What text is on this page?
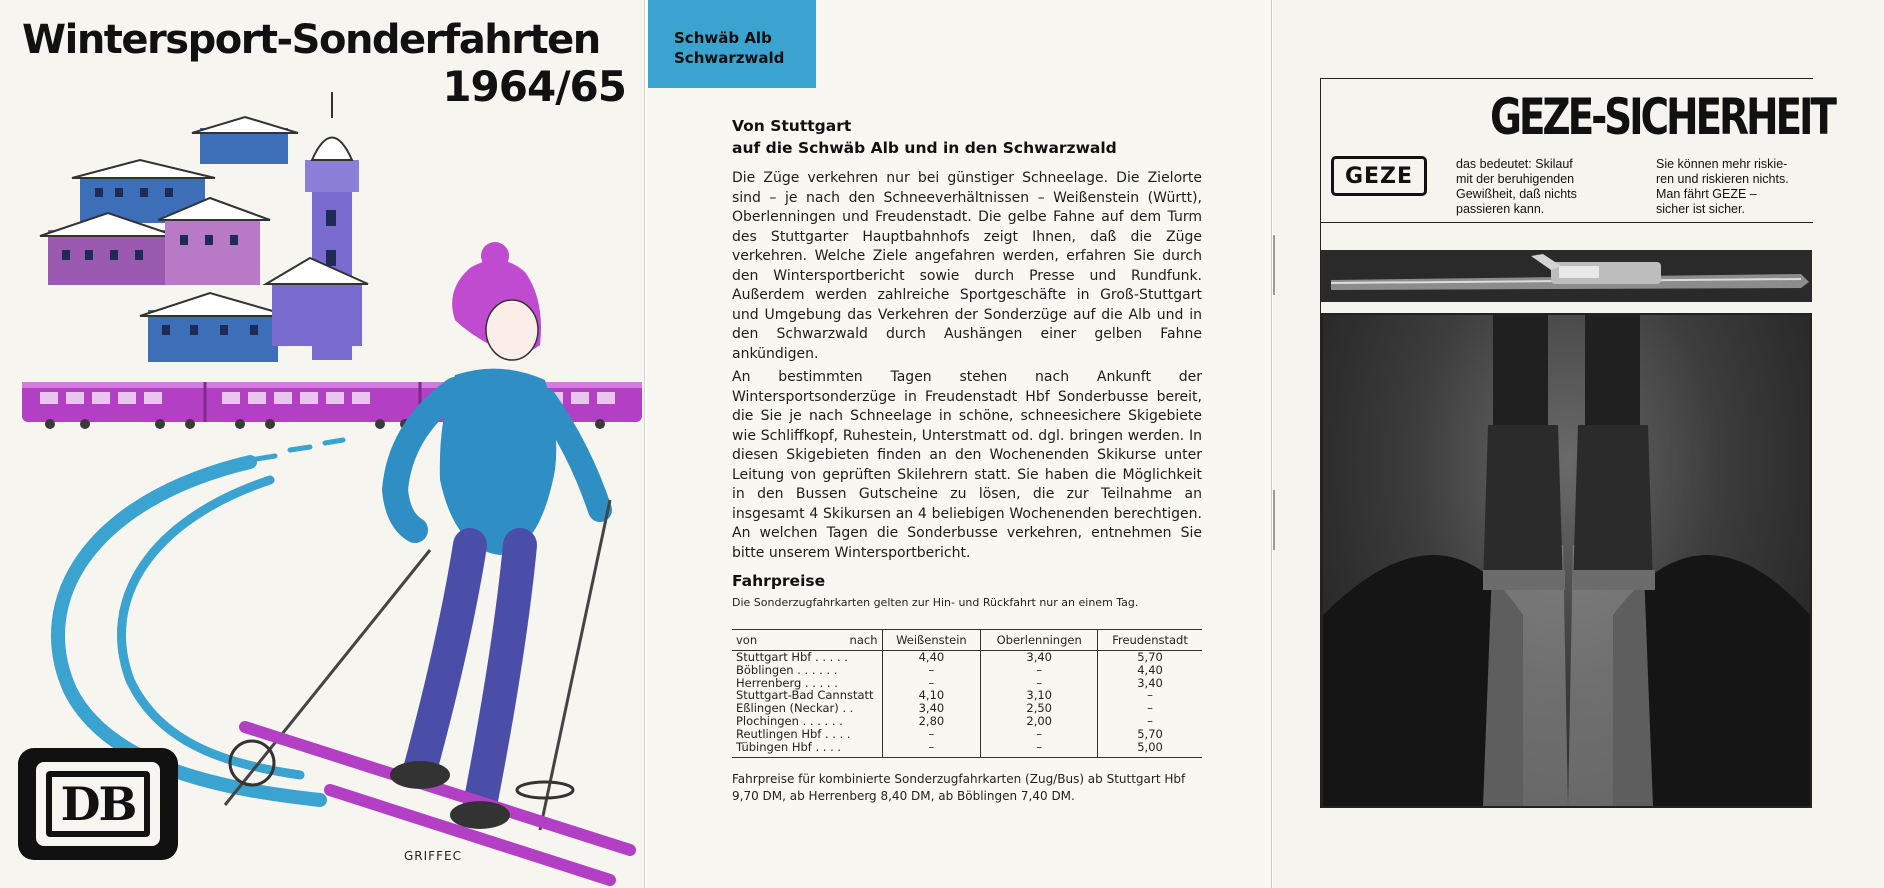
Wintersport-Sonderfahrten
1964/65
DB
GRIFFEC
Schwäb Alb
Schwarzwald
Von Stuttgart
auf die Schwäb Alb und in den Schwarzwald

Die Züge verkehren nur bei günstiger Schneelage. Die Zielorte sind – je nach den Schneeverhältnissen – Weißenstein (Württ), Oberlenningen und Freudenstadt. Die gelbe Fahne auf dem Turm des Stuttgarter Hauptbahnhofs zeigt Ihnen, daß die Züge verkehren. Welche Ziele angefahren werden, erfahren Sie durch den Wintersportbericht sowie durch Presse und Rundfunk. Außerdem werden zahlreiche Sportgeschäfte in Groß-Stuttgart und Umgebung das Verkehren der Sonderzüge auf die Alb und in den Schwarzwald durch Aushängen einer gelben Fahne ankündigen.

An bestimmten Tagen stehen nach Ankunft der Wintersportsonderzüge in Freudenstadt Hbf Sonderbusse bereit, die Sie je nach Schneelage in schöne, schneesichere Skigebiete wie Schliffkopf, Ruhestein, Unterstmatt od. dgl. bringen werden. In diesen Skigebieten finden an den Wochenenden Skikurse unter Leitung von geprüften Skilehrern statt. Sie haben die Möglichkeit in den Bussen Gutscheine zu lösen, die zur Teilnahme an insgesamt 4 Skikursen an 4 beliebigen Wochenenden berechtigen. An welchen Tagen die Sonderbusse verkehren, entnehmen Sie bitte unserem Wintersportbericht.

Fahrpreise
Die Sonderzugfahrkarten gelten zur Hin- und Rückfahrt nur an einem Tag.
von nach	Weißenstein	Oberlenningen	Freudenstadt
Stuttgart Hbf . . . . .	4,40	3,40	5,70
Böblingen . . . . . .	–	–	4,40
Herrenberg . . . . .	–	–	3,40
Stuttgart-Bad Cannstatt	4,10	3,10	–
Eßlingen (Neckar) . .	3,40	2,50	–
Plochingen . . . . . .	2,80	2,00	–
Reutlingen Hbf . . . .	–	–	5,70
Tübingen Hbf . . . .	–	–	5,00
Fahrpreise für kombinierte Sonderzugfahrkarten (Zug/Bus) ab Stuttgart Hbf 9,70 DM, ab Herrenberg 8,40 DM, ab Böblingen 7,40 DM.
GEZE-SICHERHEIT
GEZE	das bedeutet: Skilauf
mit der beruhigenden
Gewißheit, daß nichts
passieren kann.
Sie können mehr riskie-
ren und riskieren nichts.
Man fährt GEZE –
sicher ist sicher.
